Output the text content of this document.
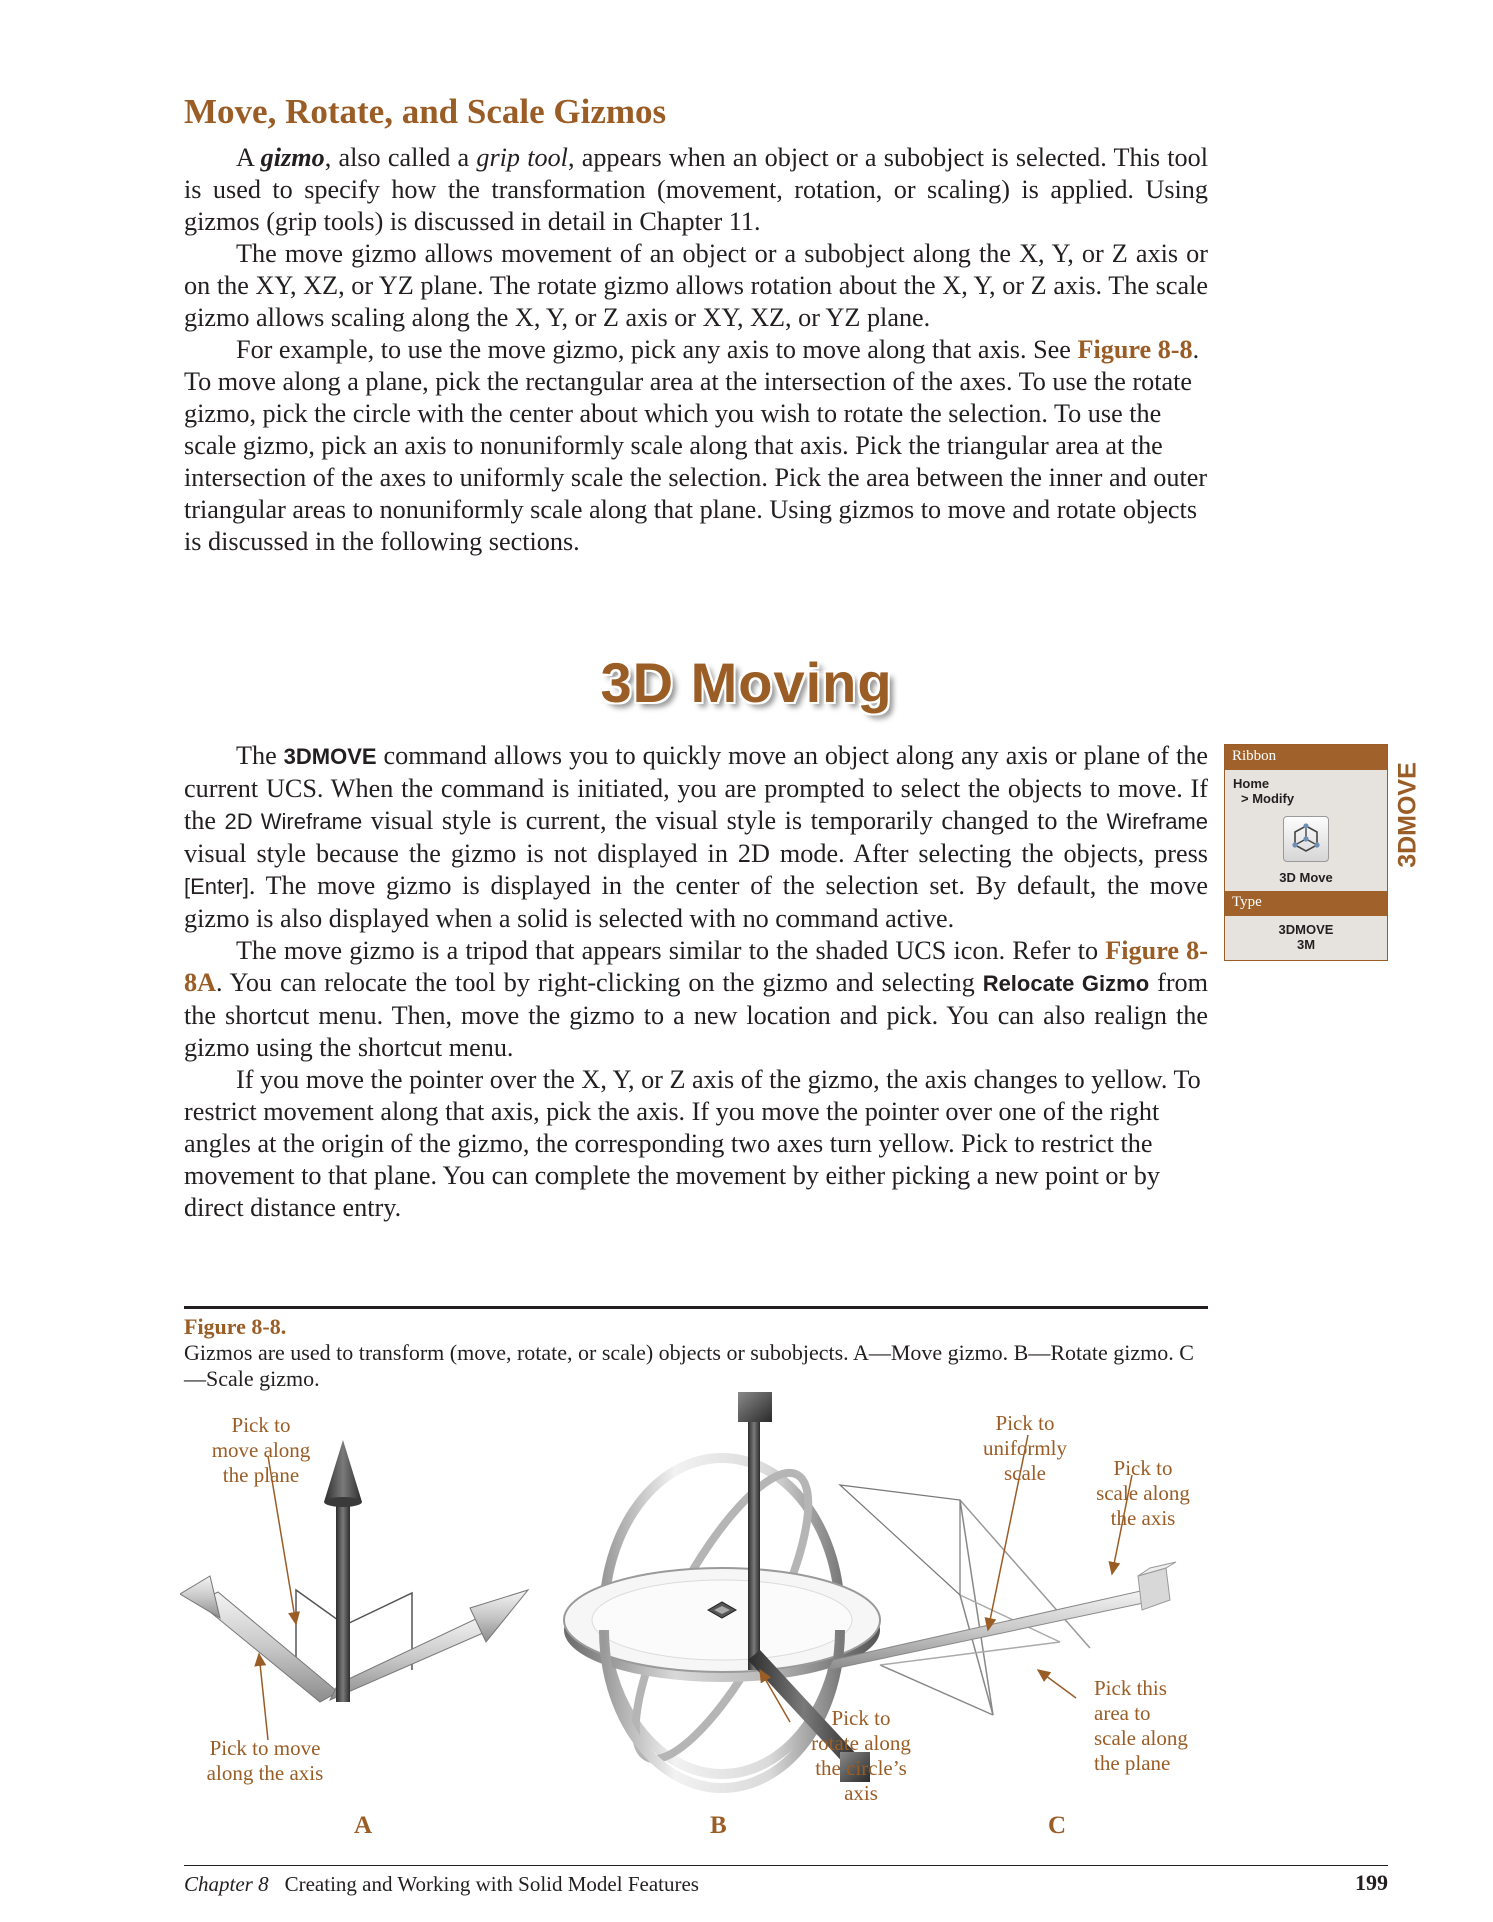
Move, Rotate, and Scale Gizmos

A gizmo, also called a grip tool, appears when an object or a subobject is selected. This tool is used to specify how the transformation (movement, rotation, or scaling) is applied. Using gizmos (grip tools) is discussed in detail in Chapter 11.

The move gizmo allows movement of an object or a subobject along the X, Y, or Z axis or on the XY, XZ, or YZ plane. The rotate gizmo allows rotation about the X, Y, or Z axis. The scale gizmo allows scaling along the X, Y, or Z axis or XY, XZ, or YZ plane.

For example, to use the move gizmo, pick any axis to move along that axis. See Figure 8-8. To move along a plane, pick the rectangular area at the intersection of the axes. To use the rotate gizmo, pick the circle with the center about which you wish to rotate the selection. To use the scale gizmo, pick an axis to nonuniformly scale along that axis. Pick the triangular area at the intersection of the axes to uniformly scale the selection. Pick the area between the inner and outer triangular areas to nonuniformly scale along that plane. Using gizmos to move and rotate objects is discussed in the following sections.

3D Moving

The 3DMOVE command allows you to quickly move an object along any axis or plane of the current UCS. When the command is initiated, you are prompted to select the objects to move. If the 2D Wireframe visual style is current, the visual style is temporarily changed to the Wireframe visual style because the gizmo is not displayed in 2D mode. After selecting the objects, press [Enter]. The move gizmo is displayed in the center of the selection set. By default, the move gizmo is also displayed when a solid is selected with no command active.

The move gizmo is a tripod that appears similar to the shaded UCS icon. Refer to Figure 8-8A. You can relocate the tool by right-clicking on the gizmo and selecting Relocate Gizmo from the shortcut menu. Then, move the gizmo to a new location and pick. You can also realign the gizmo using the shortcut menu.

If you move the pointer over the X, Y, or Z axis of the gizmo, the axis changes to yellow. To restrict movement along that axis, pick the axis. If you move the pointer over one of the right angles at the origin of the gizmo, the corresponding two axes turn yellow. Pick to restrict the movement to that plane. You can complete the movement by either picking a new point or by direct distance entry.

Ribbon
Home
> Modify
3D Move
Type
3DMOVE
3M
3DMOVE
Figure 8-8.
Gizmos are used to transform (move, rotate, or scale) objects or subobjects. A—Move gizmo. B—Rotate gizmo. C—Scale gizmo.
Pick to
move along
the plane
Pick to move
along the axis
Pick to
rotate along
the circle’s
axis
Pick to
uniformly
scale	Pick to
scale along
the axis
Pick this
area to
scale along
the plane
A	B	C
Chapter 8 Creating and Working with Solid Model Features	199
